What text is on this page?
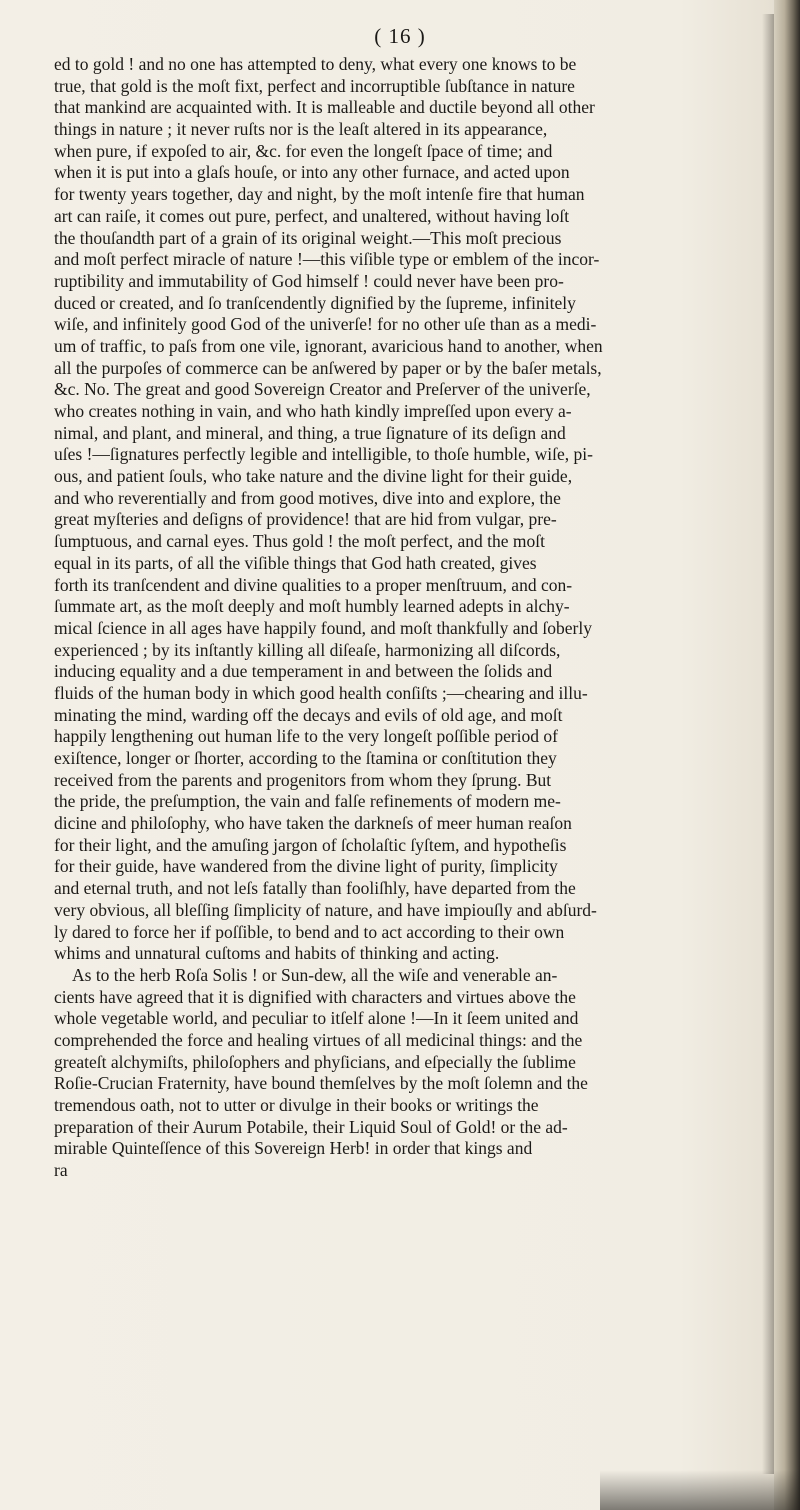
( 16 )
ed to gold ! and no one has attempted to deny, what every one knows to be
true, that gold is the moſt fixt, perfect and incorruptible ſubſtance in nature
that mankind are acquainted with. It is malleable and ductile beyond all other
things in nature ; it never ruſts nor is the leaſt altered in its appearance,
when pure, if expoſed to air, &c. for even the longeſt ſpace of time; and
when it is put into a glaſs houſe, or into any other furnace, and acted upon
for twenty years together, day and night, by the moſt intenſe fire that human
art can raiſe, it comes out pure, perfect, and unaltered, without having loſt
the thouſandth part of a grain of its original weight.—This moſt precious
and moſt perfect miracle of nature !—this viſible type or emblem of the incor-
ruptibility and immutability of God himself ! could never have been pro-
duced or created, and ſo tranſcendently dignified by the ſupreme, infinitely
wiſe, and infinitely good God of the univerſe! for no other uſe than as a medi-
um of traffic, to paſs from one vile, ignorant, avaricious hand to another, when
all the purpoſes of commerce can be anſwered by paper or by the baſer metals,
&c. No. The great and good Sovereign Creator and Preſerver of the univerſe,
who creates nothing in vain, and who hath kindly impreſſed upon every a-
nimal, and plant, and mineral, and thing, a true ſignature of its deſign and
uſes !—ſignatures perfectly legible and intelligible, to thoſe humble, wiſe, pi-
ous, and patient ſouls, who take nature and the divine light for their guide,
and who reverentially and from good motives, dive into and explore, the
great myſteries and deſigns of providence! that are hid from vulgar, pre-
ſumptuous, and carnal eyes. Thus gold ! the moſt perfect, and the moſt
equal in its parts, of all the viſible things that God hath created, gives
forth its tranſcendent and divine qualities to a proper menſtruum, and con-
ſummate art, as the moſt deeply and moſt humbly learned adepts in alchy-
mical ſcience in all ages have happily found, and moſt thankfully and ſoberly
experienced ; by its inſtantly killing all diſeaſe, harmonizing all diſcords,
inducing equality and a due temperament in and between the ſolids and
fluids of the human body in which good health conſiſts ;—chearing and illu-
minating the mind, warding off the decays and evils of old age, and moſt
happily lengthening out human life to the very longeſt poſſible period of
exiſtence, longer or ſhorter, according to the ſtamina or conſtitution they
received from the parents and progenitors from whom they ſprung. But
the pride, the preſumption, the vain and falſe refinements of modern me-
dicine and philoſophy, who have taken the darkneſs of meer human reaſon
for their light, and the amuſing jargon of ſcholaſtic ſyſtem, and hypotheſis
for their guide, have wandered from the divine light of purity, ſimplicity
and eternal truth, and not leſs fatally than fooliſhly, have departed from the
very obvious, all bleſſing ſimplicity of nature, and have impiouſly and abſurd-
ly dared to force her if poſſible, to bend and to act according to their own
whims and unnatural cuſtoms and habits of thinking and acting.
As to the herb Roſa Solis ! or Sun-dew, all the wiſe and venerable an-
cients have agreed that it is dignified with characters and virtues above the
whole vegetable world, and peculiar to itſelf alone !—In it ſeem united and
comprehended the force and healing virtues of all medicinal things: and the
greateſt alchymiſts, philoſophers and phyſicians, and eſpecially the ſublime
Roſie-Crucian Fraternity, have bound themſelves by the moſt ſolemn and the
tremendous oath, not to utter or divulge in their books or writings the
preparation of their Aurum Potabile, their Liquid Soul of Gold! or the ad-
mirable Quinteſſence of this Sovereign Herb! in order that kings and
ra
